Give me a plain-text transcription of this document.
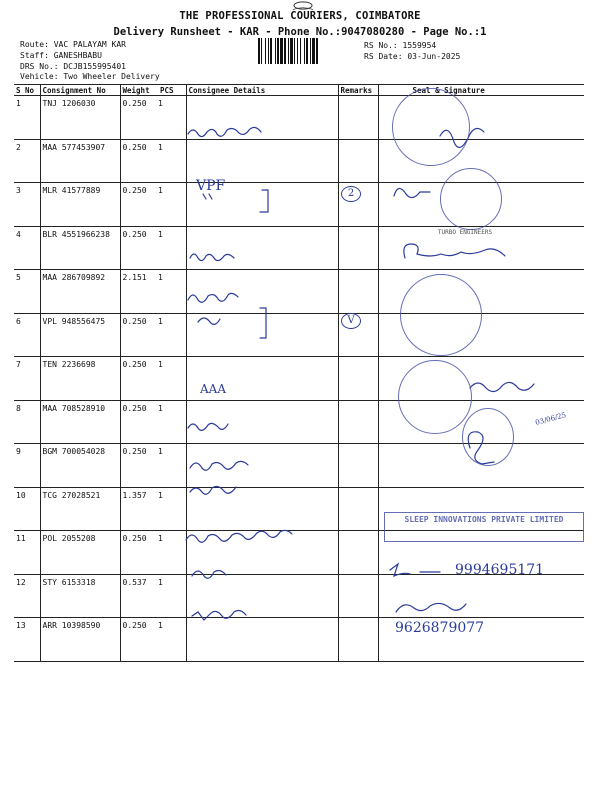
THE PROFESSIONAL COURIERS, COIMBATORE
Delivery Runsheet - KAR - Phone No.:9047080280 - Page No.:1
Route: VAC PALAYAM KAR
Staff: GANESHBABU
DRS No.: DCJB155995401
Vehicle: Two Wheeler Delivery
RS No.: 1559954
RS Date: 03-Jun-2025
S No	Consignment No	Weight	PCS	Consignee Details	Remarks	Seal & Signature
1	TNJ 1206030	0.250	1			
2	MAA 577453907	0.250	1			
3	MLR 41577889	0.250	1			
4	BLR 4551966238	0.250	1			
5	MAA 286709892	2.151	1			
6	VPL 948556475	0.250	1			
7	TEN 2236698	0.250	1			
8	MAA 708528910	0.250	1			
9	BGM 700054028	0.250	1			
10	TCG 27028521	1.357	1			
11	POL 2055208	0.250	1			
12	STY 6153318	0.537	1			
13	ARR 10398590	0.250	1			
VPF
AAA
03/06/25
9994695171
9626879077
2
V
TURBO ENGINEERS
SLEEP INNOVATIONS PRIVATE LIMITED
